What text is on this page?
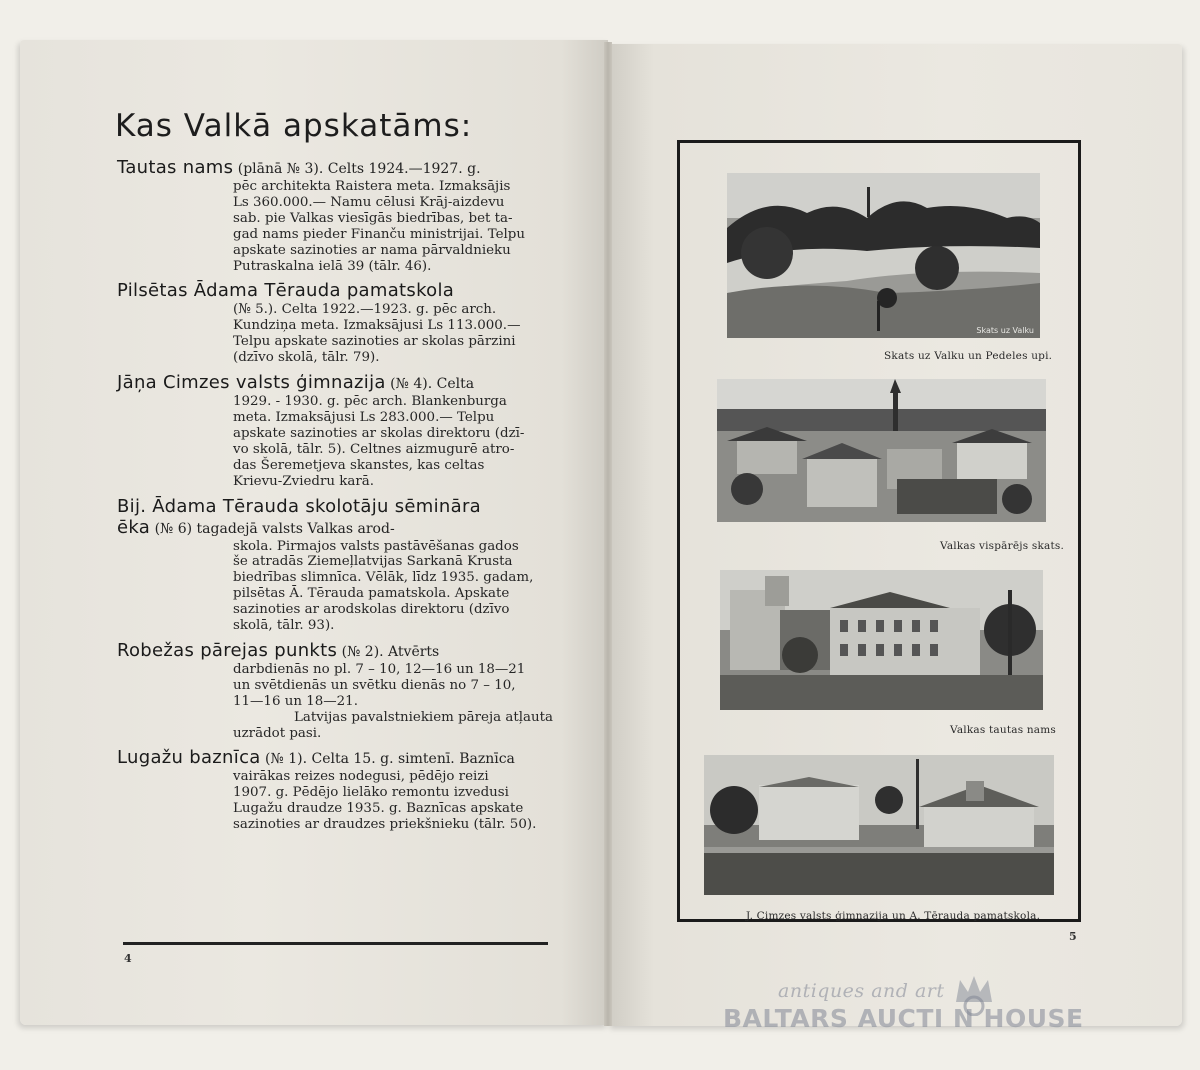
Kas Valkā apskatāms:
Tautas nams (plānā № 3). Celts 1924.—1927. g.
pēc architekta Raistera meta. Izmaksājis
Ls 360.000.— Namu cēlusi Krāj-aizdevu
sab. pie Valkas viesīgās biedrības, bet ta-
gad nams pieder Finanču ministrijai. Telpu
apskate sazinoties ar nama pārvaldnieku
Putraskalna ielā 39 (tālr. 46).
Pilsētas Ādama Tērauda pamatskola
(№ 5.). Celta 1922.—1923. g. pēc arch.
Kundziņa meta. Izmaksājusi Ls 113.000.—
Telpu apskate sazinoties ar skolas pārzini
(dzīvo skolā, tālr. 79).
Jāņa Cimzes valsts ģimnazija (№ 4). Celta
1929. - 1930. g. pēc arch. Blankenburga
meta. Izmaksājusi Ls 283.000.— Telpu
apskate sazinoties ar skolas direktoru (dzī-
vo skolā, tālr. 5). Celtnes aizmugurē atro-
das Šeremetjeva skanstes, kas celtas
Krievu-Zviedru karā.
Bij. Ādama Tērauda skolotāju sēmināra
ēka (№ 6) tagadejā valsts Valkas arod-
skola. Pirmajos valsts pastāvēšanas gados
še atradās Ziemeļlatvijas Sarkanā Krusta
biedrības slimnīca. Vēlāk, līdz 1935. gadam,
pilsētas Ā. Tērauda pamatskola. Apskate
sazinoties ar arodskolas direktoru (dzīvo
skolā, tālr. 93).
Robežas pārejas punkts (№ 2). Atvērts
darbdienās no pl. 7 – 10, 12—16 un 18—21
un svētdienās un svētku dienās no 7 – 10,
11—16 un 18—21.
Latvijas pavalstniekiem pāreja atļauta
uzrādot pasi.
Lugažu baznīca (№ 1). Celta 15. g. simtenī. Baznīca
vairākas reizes nodegusi, pēdējo reizi
1907. g. Pēdējo lielāko remontu izvedusi
Lugažu draudze 1935. g. Baznīcas apskate
sazinoties ar draudzes priekšnieku (tālr. 50).
4
Skats uz Valku
Skats uz Valku un Pedeles upi.
Valkas vispārējs skats.
Valkas tautas nams
J. Cimzes valsts ģimnazija un A. Tērauda pamatskola.
5
antiques and art
BALTARS AUCTI N HOUSE
